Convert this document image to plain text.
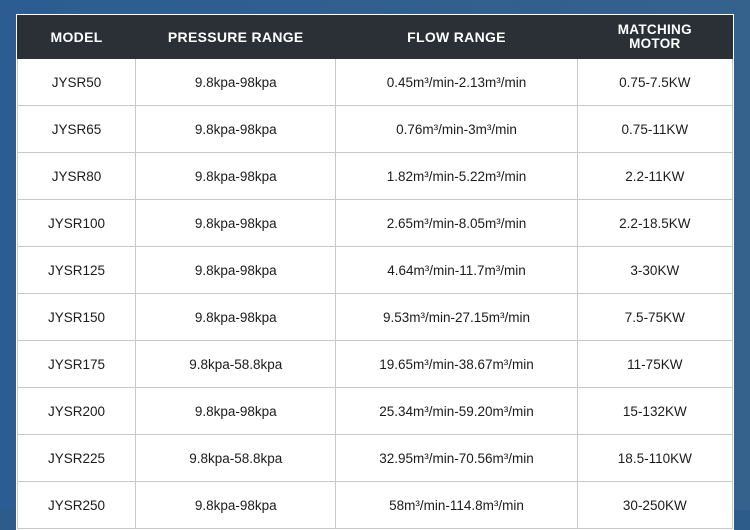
MODEL	PRESSURE RANGE	FLOW RANGE	MATCHING
MOTOR

JYSR50	9.8kpa-98kpa	0.45m³/min-2.13m³/min	0.75-7.5KW
JYSR65	9.8kpa-98kpa	0.76m³/min-3m³/min	0.75-11KW
JYSR80	9.8kpa-98kpa	1.82m³/min-5.22m³/min	2.2-11KW
JYSR100	9.8kpa-98kpa	2.65m³/min-8.05m³/min	2.2-18.5KW
JYSR125	9.8kpa-98kpa	4.64m³/min-11.7m³/min	3-30KW
JYSR150	9.8kpa-98kpa	9.53m³/min-27.15m³/min	7.5-75KW
JYSR175	9.8kpa-58.8kpa	19.65m³/min-38.67m³/min	11-75KW
JYSR200	9.8kpa-98kpa	25.34m³/min-59.20m³/min	15-132KW
JYSR225	9.8kpa-58.8kpa	32.95m³/min-70.56m³/min	18.5-110KW
JYSR250	9.8kpa-98kpa	58m³/min-114.8m³/min	30-250KW
